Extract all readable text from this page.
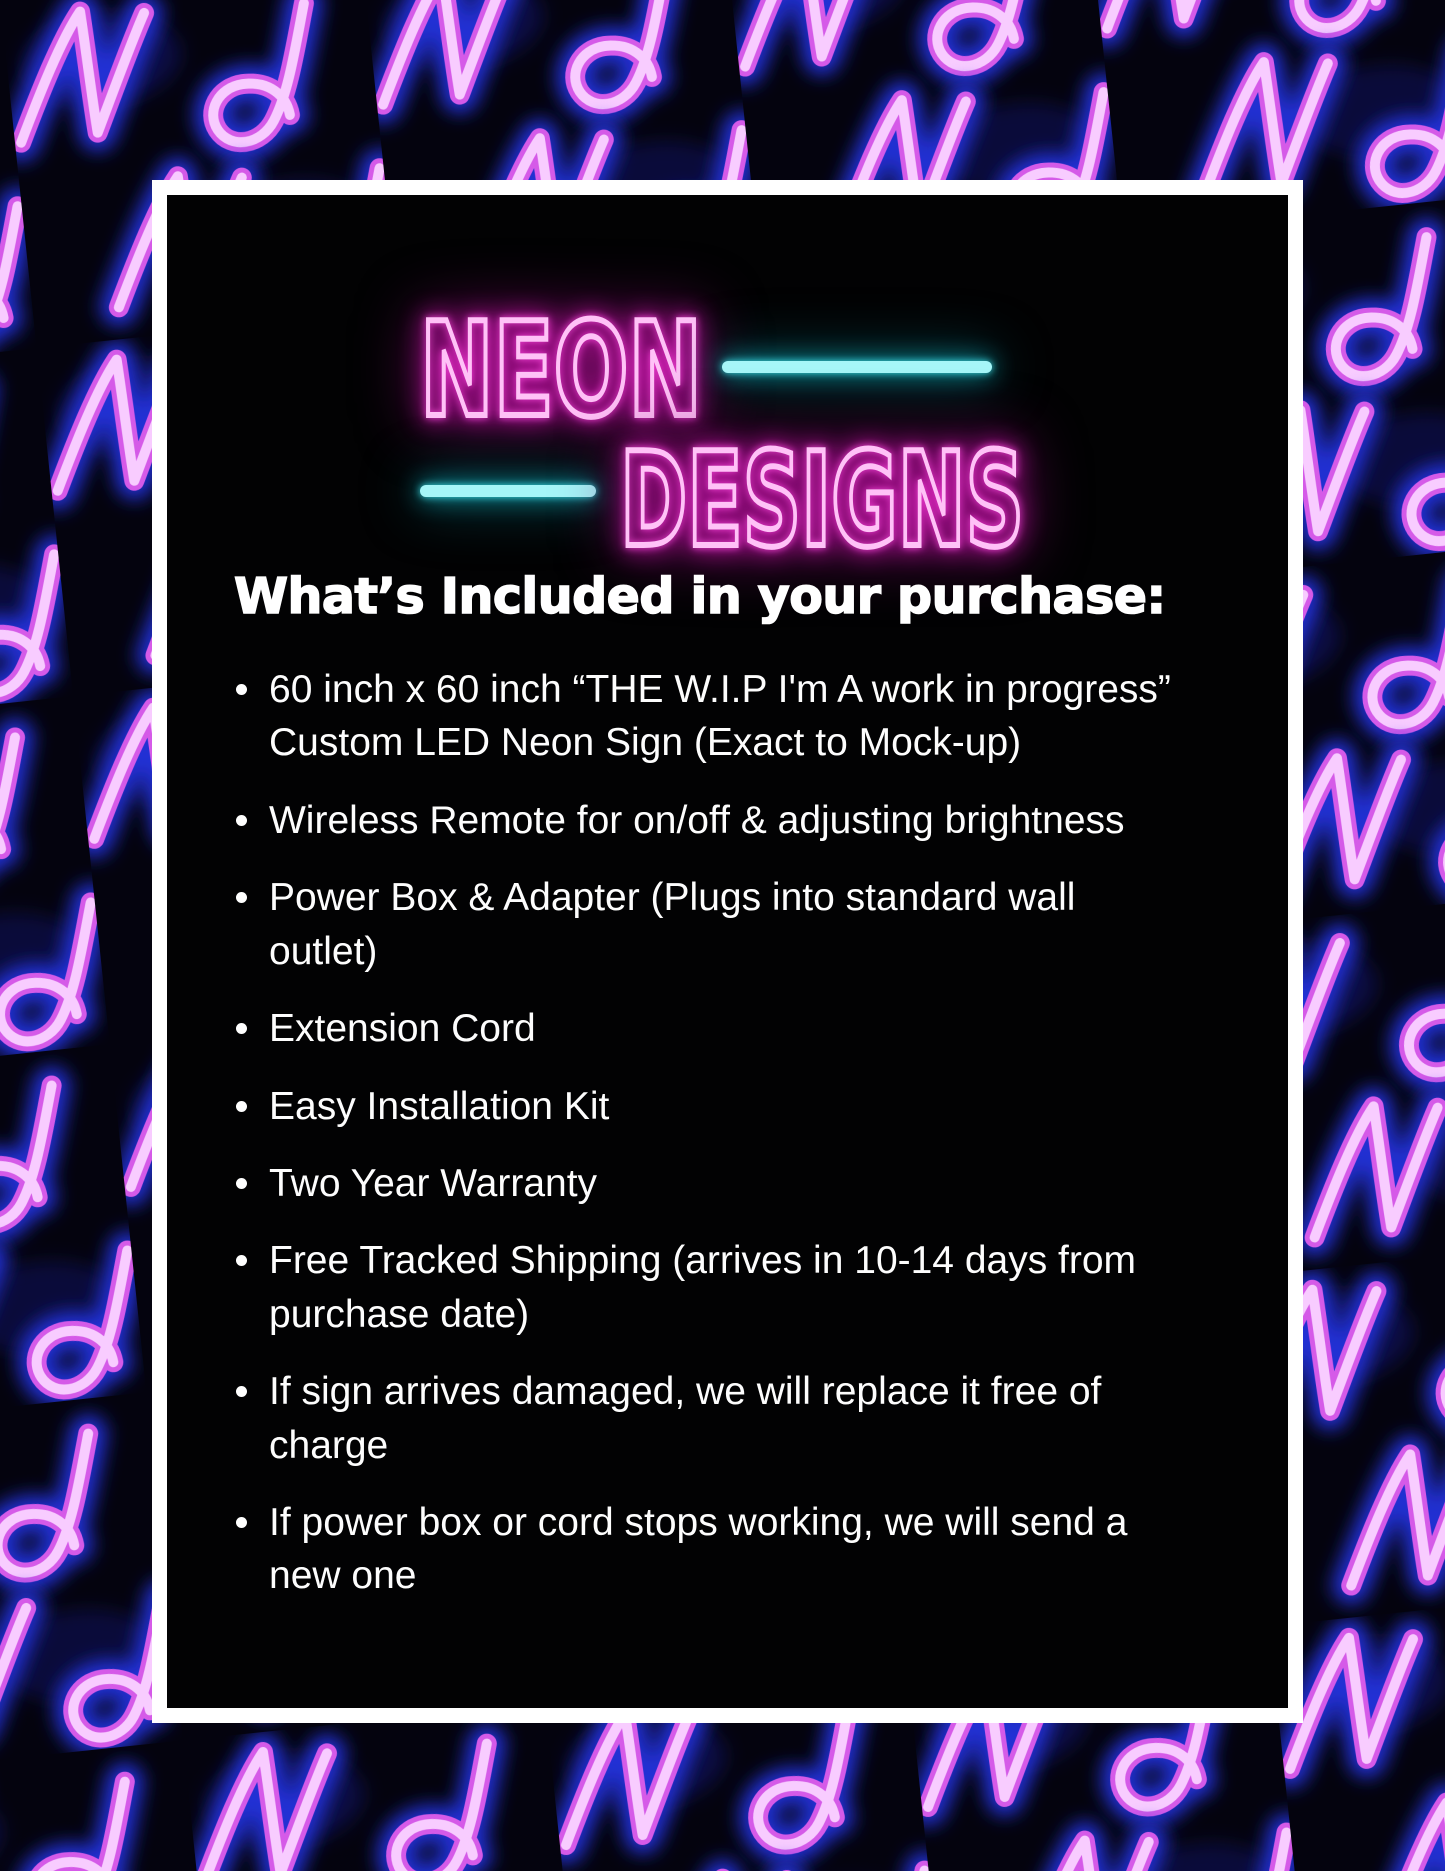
NEON
DESIGNS
What’s Included in your purchase:
60 inch x 60 inch “THE W.I.P I'm A work in progress” Custom LED Neon Sign (Exact to Mock-up)
Wireless Remote for on/off & adjusting brightness
Power Box & Adapter (Plugs into standard wall outlet)
Extension Cord
Easy Installation Kit
Two Year Warranty
Free Tracked Shipping (arrives in 10-14 days from purchase date)
If sign arrives damaged, we will replace it free of charge
If power box or cord stops working, we will send a new one
